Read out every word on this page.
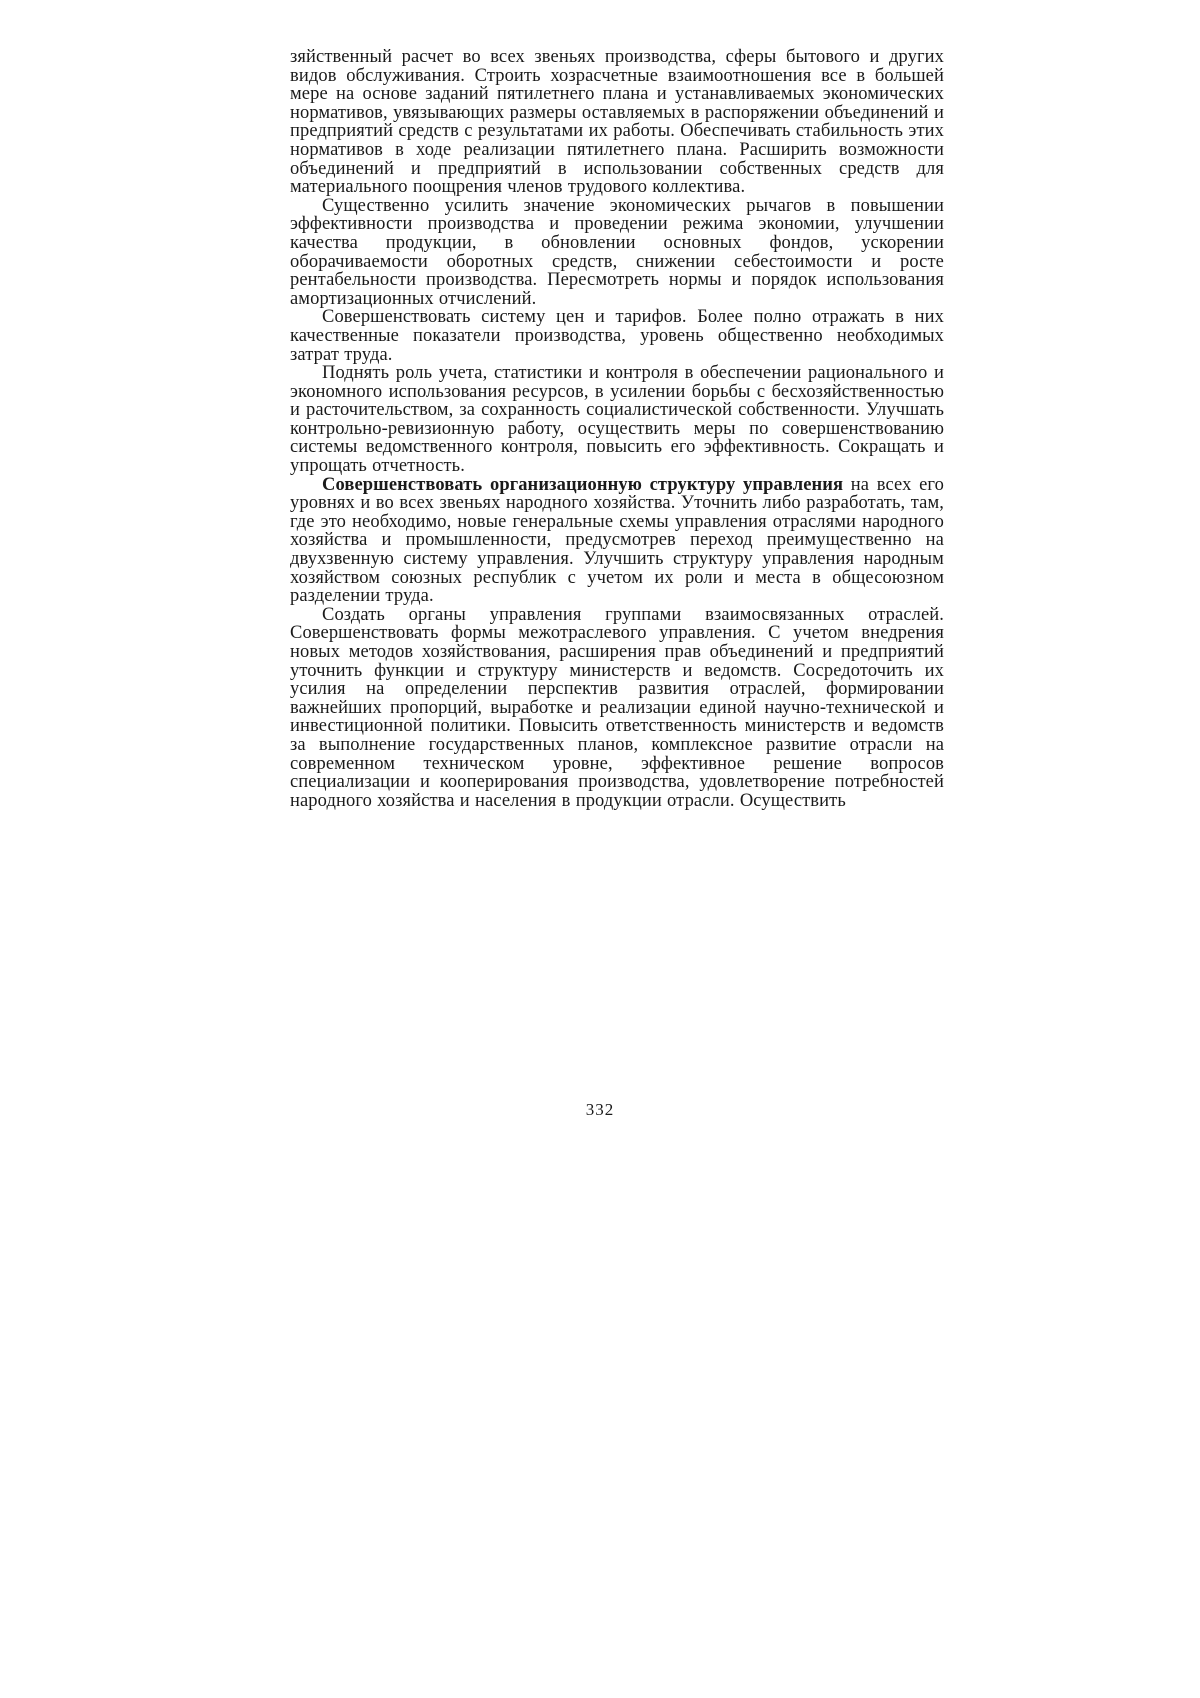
зяйственный расчет во всех звеньях производства, сферы бытового и других видов обслуживания. Строить хозрасчетные взаимоотношения все в большей мере на основе заданий пятилетнего плана и устанавливаемых экономических нормативов, увязывающих размеры оставляемых в распоряжении объединений и предприятий средств с результатами их работы. Обеспечивать стабильность этих нормативов в ходе реализации пятилетнего плана. Расширить возможности объединений и предприятий в использовании собственных средств для материального поощрения членов трудового коллектива.

Существенно усилить значение экономических рычагов в повышении эффективности производства и проведении режима экономии, улучшении качества продукции, в обновлении основных фондов, ускорении оборачиваемости оборотных средств, снижении себестоимости и росте рентабельности производства. Пересмотреть нормы и порядок использования амортизационных отчислений.

Совершенствовать систему цен и тарифов. Более полно отражать в них качественные показатели производства, уровень общественно необходимых затрат труда.

Поднять роль учета, статистики и контроля в обеспечении рационального и экономного использования ресурсов, в усилении борьбы с бесхозяйственностью и расточительством, за сохранность социалистической собственности. Улучшать контрольно-ревизионную работу, осуществить меры по совершенствованию системы ведомственного контроля, повысить его эффективность. Сокращать и упрощать отчетность.

Совершенствовать организационную структуру управления на всех его уровнях и во всех звеньях народного хозяйства. Уточнить либо разработать, там, где это необходимо, новые генеральные схемы управления отраслями народного хозяйства и промышленности, предусмотрев переход преимущественно на двухзвенную систему управления. Улучшить структуру управления народным хозяйством союзных республик с учетом их роли и места в общесоюзном разделении труда.

Создать органы управления группами взаимосвязанных отраслей. Совершенствовать формы межотраслевого управления. С учетом внедрения новых методов хозяйствования, расширения прав объединений и предприятий уточнить функции и структуру министерств и ведомств. Сосредоточить их усилия на определении перспектив развития отраслей, формировании важнейших пропорций, выработке и реализации единой научно-технической и инвестиционной политики. Повысить ответственность министерств и ведомств за выполнение государственных планов, комплексное развитие отрасли на современном техническом уровне, эффективное решение вопросов специализации и кооперирования производства, удовлетворение потребностей народного хозяйства и населения в продукции отрасли. Осуществить

332
